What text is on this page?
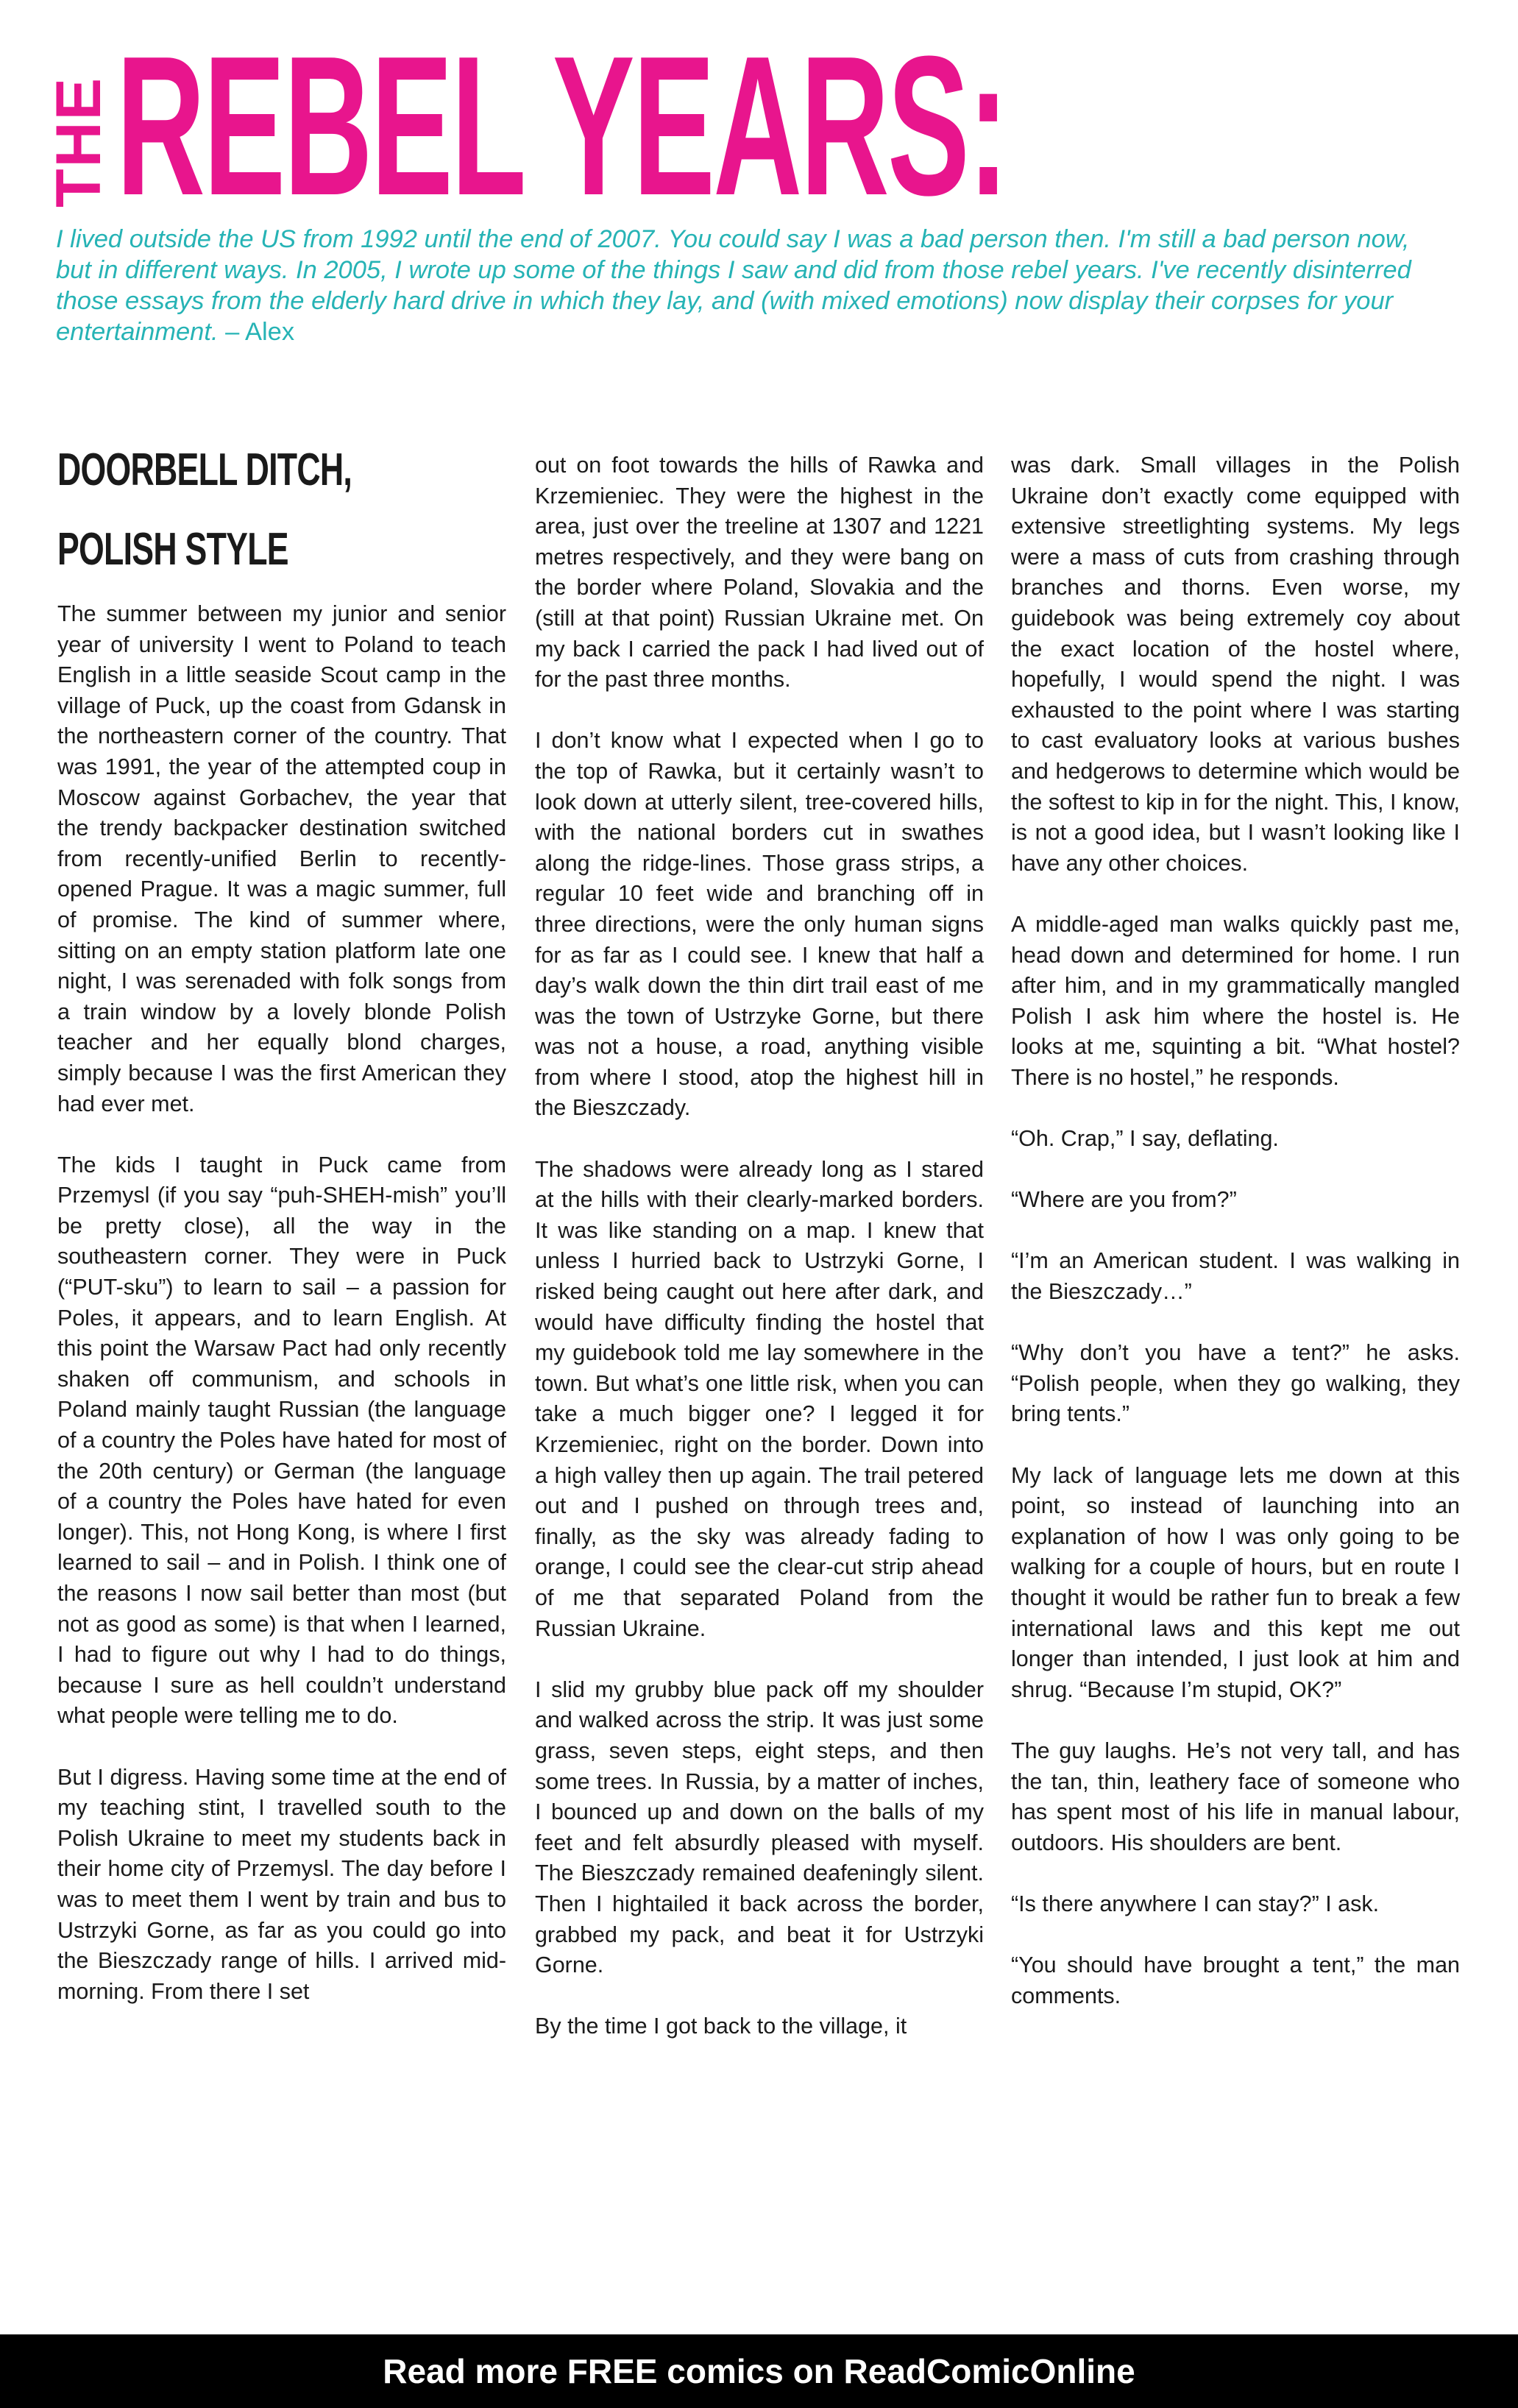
THE REBEL YEARS:
I lived outside the US from 1992 until the end of 2007. You could say I was a bad person then. I'm still a bad person now, but in different ways. In 2005, I wrote up some of the things I saw and did from those rebel years. I've recently disinterred those essays from the elderly hard drive in which they lay, and (with mixed emotions) now display their corpses for your entertainment. – Alex
DOORBELL DITCH,
POLISH STYLE

The summer between my junior and senior year of university I went to Poland to teach English in a little seaside Scout camp in the village of Puck, up the coast from Gdansk in the northeastern corner of the country. That was 1991, the year of the attempted coup in Moscow against Gorbachev, the year that the trendy backpacker destination switched from recently-unified Berlin to recently-opened Prague. It was a magic summer, full of promise. The kind of summer where, sitting on an empty station platform late one night, I was serenaded with folk songs from a train window by a lovely blonde Polish teacher and her equally blond charges, simply because I was the first American they had ever met.

The kids I taught in Puck came from Przemysl (if you say “puh-SHEH-mish” you’ll be pretty close), all the way in the southeastern corner. They were in Puck (“PUT-sku”) to learn to sail – a passion for Poles, it appears, and to learn English. At this point the Warsaw Pact had only recently shaken off communism, and schools in Poland mainly taught Russian (the language of a country the Poles have hated for most of the 20th century) or German (the language of a country the Poles have hated for even longer). This, not Hong Kong, is where I first learned to sail – and in Polish. I think one of the reasons I now sail better than most (but not as good as some) is that when I learned, I had to figure out why I had to do things, because I sure as hell couldn’t understand what people were telling me to do.

But I digress. Having some time at the end of my teaching stint, I travelled south to the Polish Ukraine to meet my students back in their home city of Przemysl. The day before I was to meet them I went by train and bus to Ustrzyki Gorne, as far as you could go into the Bieszczady range of hills. I arrived mid-morning. From there I set

out on foot towards the hills of Rawka and Krzemieniec. They were the highest in the area, just over the treeline at 1307 and 1221 metres respectively, and they were bang on the border where Poland, Slovakia and the (still at that point) Russian Ukraine met. On my back I carried the pack I had lived out of for the past three months.

I don’t know what I expected when I go to the top of Rawka, but it certainly wasn’t to look down at utterly silent, tree-covered hills, with the national borders cut in swathes along the ridge-lines. Those grass strips, a regular 10 feet wide and branching off in three directions, were the only human signs for as far as I could see. I knew that half a day’s walk down the thin dirt trail east of me was the town of Ustrzyke Gorne, but there was not a house, a road, anything visible from where I stood, atop the highest hill in the Bieszczady.

The shadows were already long as I stared at the hills with their clearly-marked borders. It was like standing on a map. I knew that unless I hurried back to Ustrzyki Gorne, I risked being caught out here after dark, and would have difficulty finding the hostel that my guidebook told me lay somewhere in the town. But what’s one little risk, when you can take a much bigger one? I legged it for Krzemieniec, right on the border. Down into a high valley then up again. The trail petered out and I pushed on through trees and, finally, as the sky was already fading to orange, I could see the clear-cut strip ahead of me that separated Poland from the Russian Ukraine.

I slid my grubby blue pack off my shoulder and walked across the strip. It was just some grass, seven steps, eight steps, and then some trees. In Russia, by a matter of inches, I bounced up and down on the balls of my feet and felt absurdly pleased with myself. The Bieszczady remained deafeningly silent. Then I hightailed it back across the border, grabbed my pack, and beat it for Ustrzyki Gorne.

By the time I got back to the village, it

was dark. Small villages in the Polish Ukraine don’t exactly come equipped with extensive streetlighting systems. My legs were a mass of cuts from crashing through branches and thorns. Even worse, my guidebook was being extremely coy about the exact location of the hostel where, hopefully, I would spend the night. I was exhausted to the point where I was starting to cast evaluatory looks at various bushes and hedgerows to determine which would be the softest to kip in for the night. This, I know, is not a good idea, but I wasn’t looking like I have any other choices.

A middle-aged man walks quickly past me, head down and determined for home. I run after him, and in my grammatically mangled Polish I ask him where the hostel is. He looks at me, squinting a bit. “What hostel? There is no hostel,” he responds.

“Oh. Crap,” I say, deflating.

“Where are you from?”

“I’m an American student. I was walking in the Bieszczady…”

“Why don’t you have a tent?” he asks. “Polish people, when they go walking, they bring tents.”

My lack of language lets me down at this point, so instead of launching into an explanation of how I was only going to be walking for a couple of hours, but en route I thought it would be rather fun to break a few international laws and this kept me out longer than intended, I just look at him and shrug. “Because I’m stupid, OK?”

The guy laughs. He’s not very tall, and has the tan, thin, leathery face of someone who has spent most of his life in manual labour, outdoors. His shoulders are bent.

“Is there anywhere I can stay?” I ask.

“You should have brought a tent,” the man comments.

Read more FREE comics on ReadComicOnline
